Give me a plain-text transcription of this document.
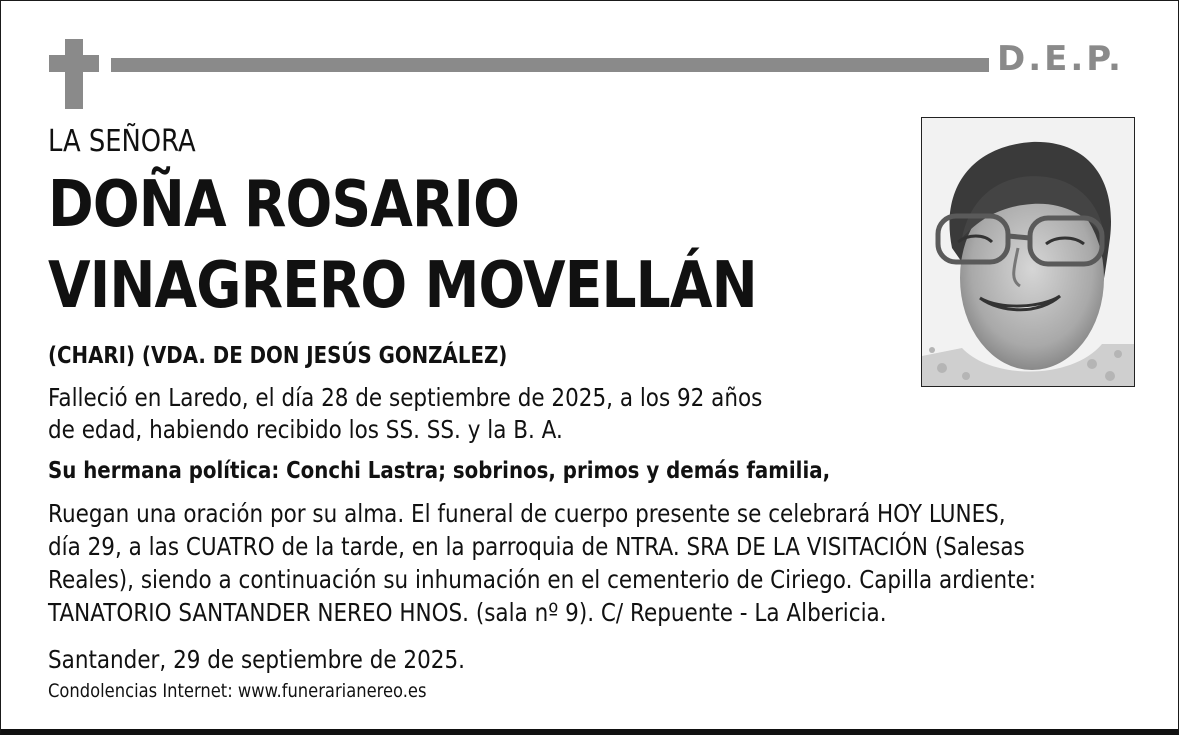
D.E.P.
LA SEÑORA
DOÑA ROSARIO
VINAGRERO MOVELLÁN
(CHARI) (VDA. DE DON JESÚS GONZÁLEZ)
Falleció en Laredo, el día 28 de septiembre de 2025, a los 92 años
de edad, habiendo recibido los SS. SS. y la B. A.
Su hermana política: Conchi Lastra; sobrinos, primos y demás familia,
Ruegan una oración por su alma. El funeral de cuerpo presente se celebrará HOY LUNES,
día 29, a las CUATRO de la tarde, en la parroquia de NTRA. SRA DE LA VISITACIÓN (Salesas
Reales), siendo a continuación su inhumación en el cementerio de Ciriego. Capilla ardiente:
TANATORIO SANTANDER NEREO HNOS. (sala nº 9). C/ Repuente - La Albericia.
Santander, 29 de septiembre de 2025.
Condolencias Internet: www.funerarianereo.es
